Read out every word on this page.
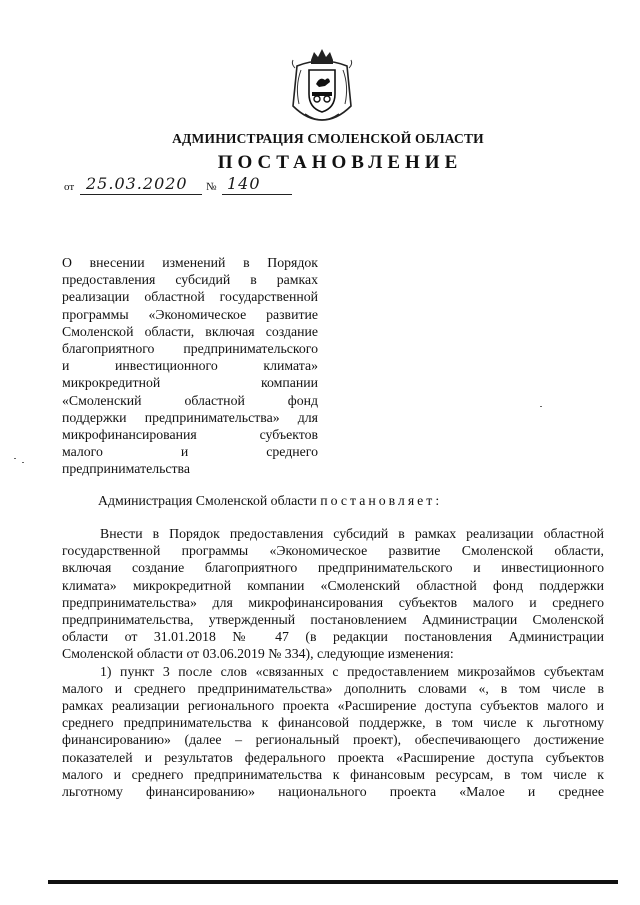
АДМИНИСТРАЦИЯ СМОЛЕНСКОЙ ОБЛАСТИ
ПОСТАНОВЛЕНИЕ
от 25.03.2020 № 140
О внесении изменений в Порядок
предоставления субсидий в рамках
реализации областной государственной
программы «Экономическое развитие
Смоленской области, включая создание
благоприятного предпринимательского
и инвестиционного климата»
микрокредитной компании
«Смоленский областной фонд
поддержки предпринимательства» для
микрофинансирования субъектов
малого и среднего
предпринимательства
Администрация Смоленской области постановляет:
Внести в Порядок предоставления субсидий в рамках реализации областной
государственной программы «Экономическое развитие Смоленской области,
включая создание благоприятного предпринимательского и инвестиционного
климата» микрокредитной компании «Смоленский областной фонд поддержки
предпринимательства» для микрофинансирования субъектов малого и среднего
предпринимательства, утвержденный постановлением Администрации Смоленской
области от 31.01.2018 № 47 (в редакции постановления Администрации
Смоленской области от 03.06.2019 № 334), следующие изменения:
1) пункт 3 после слов «связанных с предоставлением микрозаймов субъектам
малого и среднего предпринимательства» дополнить словами «, в том числе в
рамках реализации регионального проекта «Расширение доступа субъектов малого и
среднего предпринимательства к финансовой поддержке, в том числе к льготному
финансированию» (далее – региональный проект), обеспечивающего достижение
показателей и результатов федерального проекта «Расширение доступа субъектов
малого и среднего предпринимательства к финансовым ресурсам, в том числе к
льготному финансированию» национального проекта «Малое и среднее
